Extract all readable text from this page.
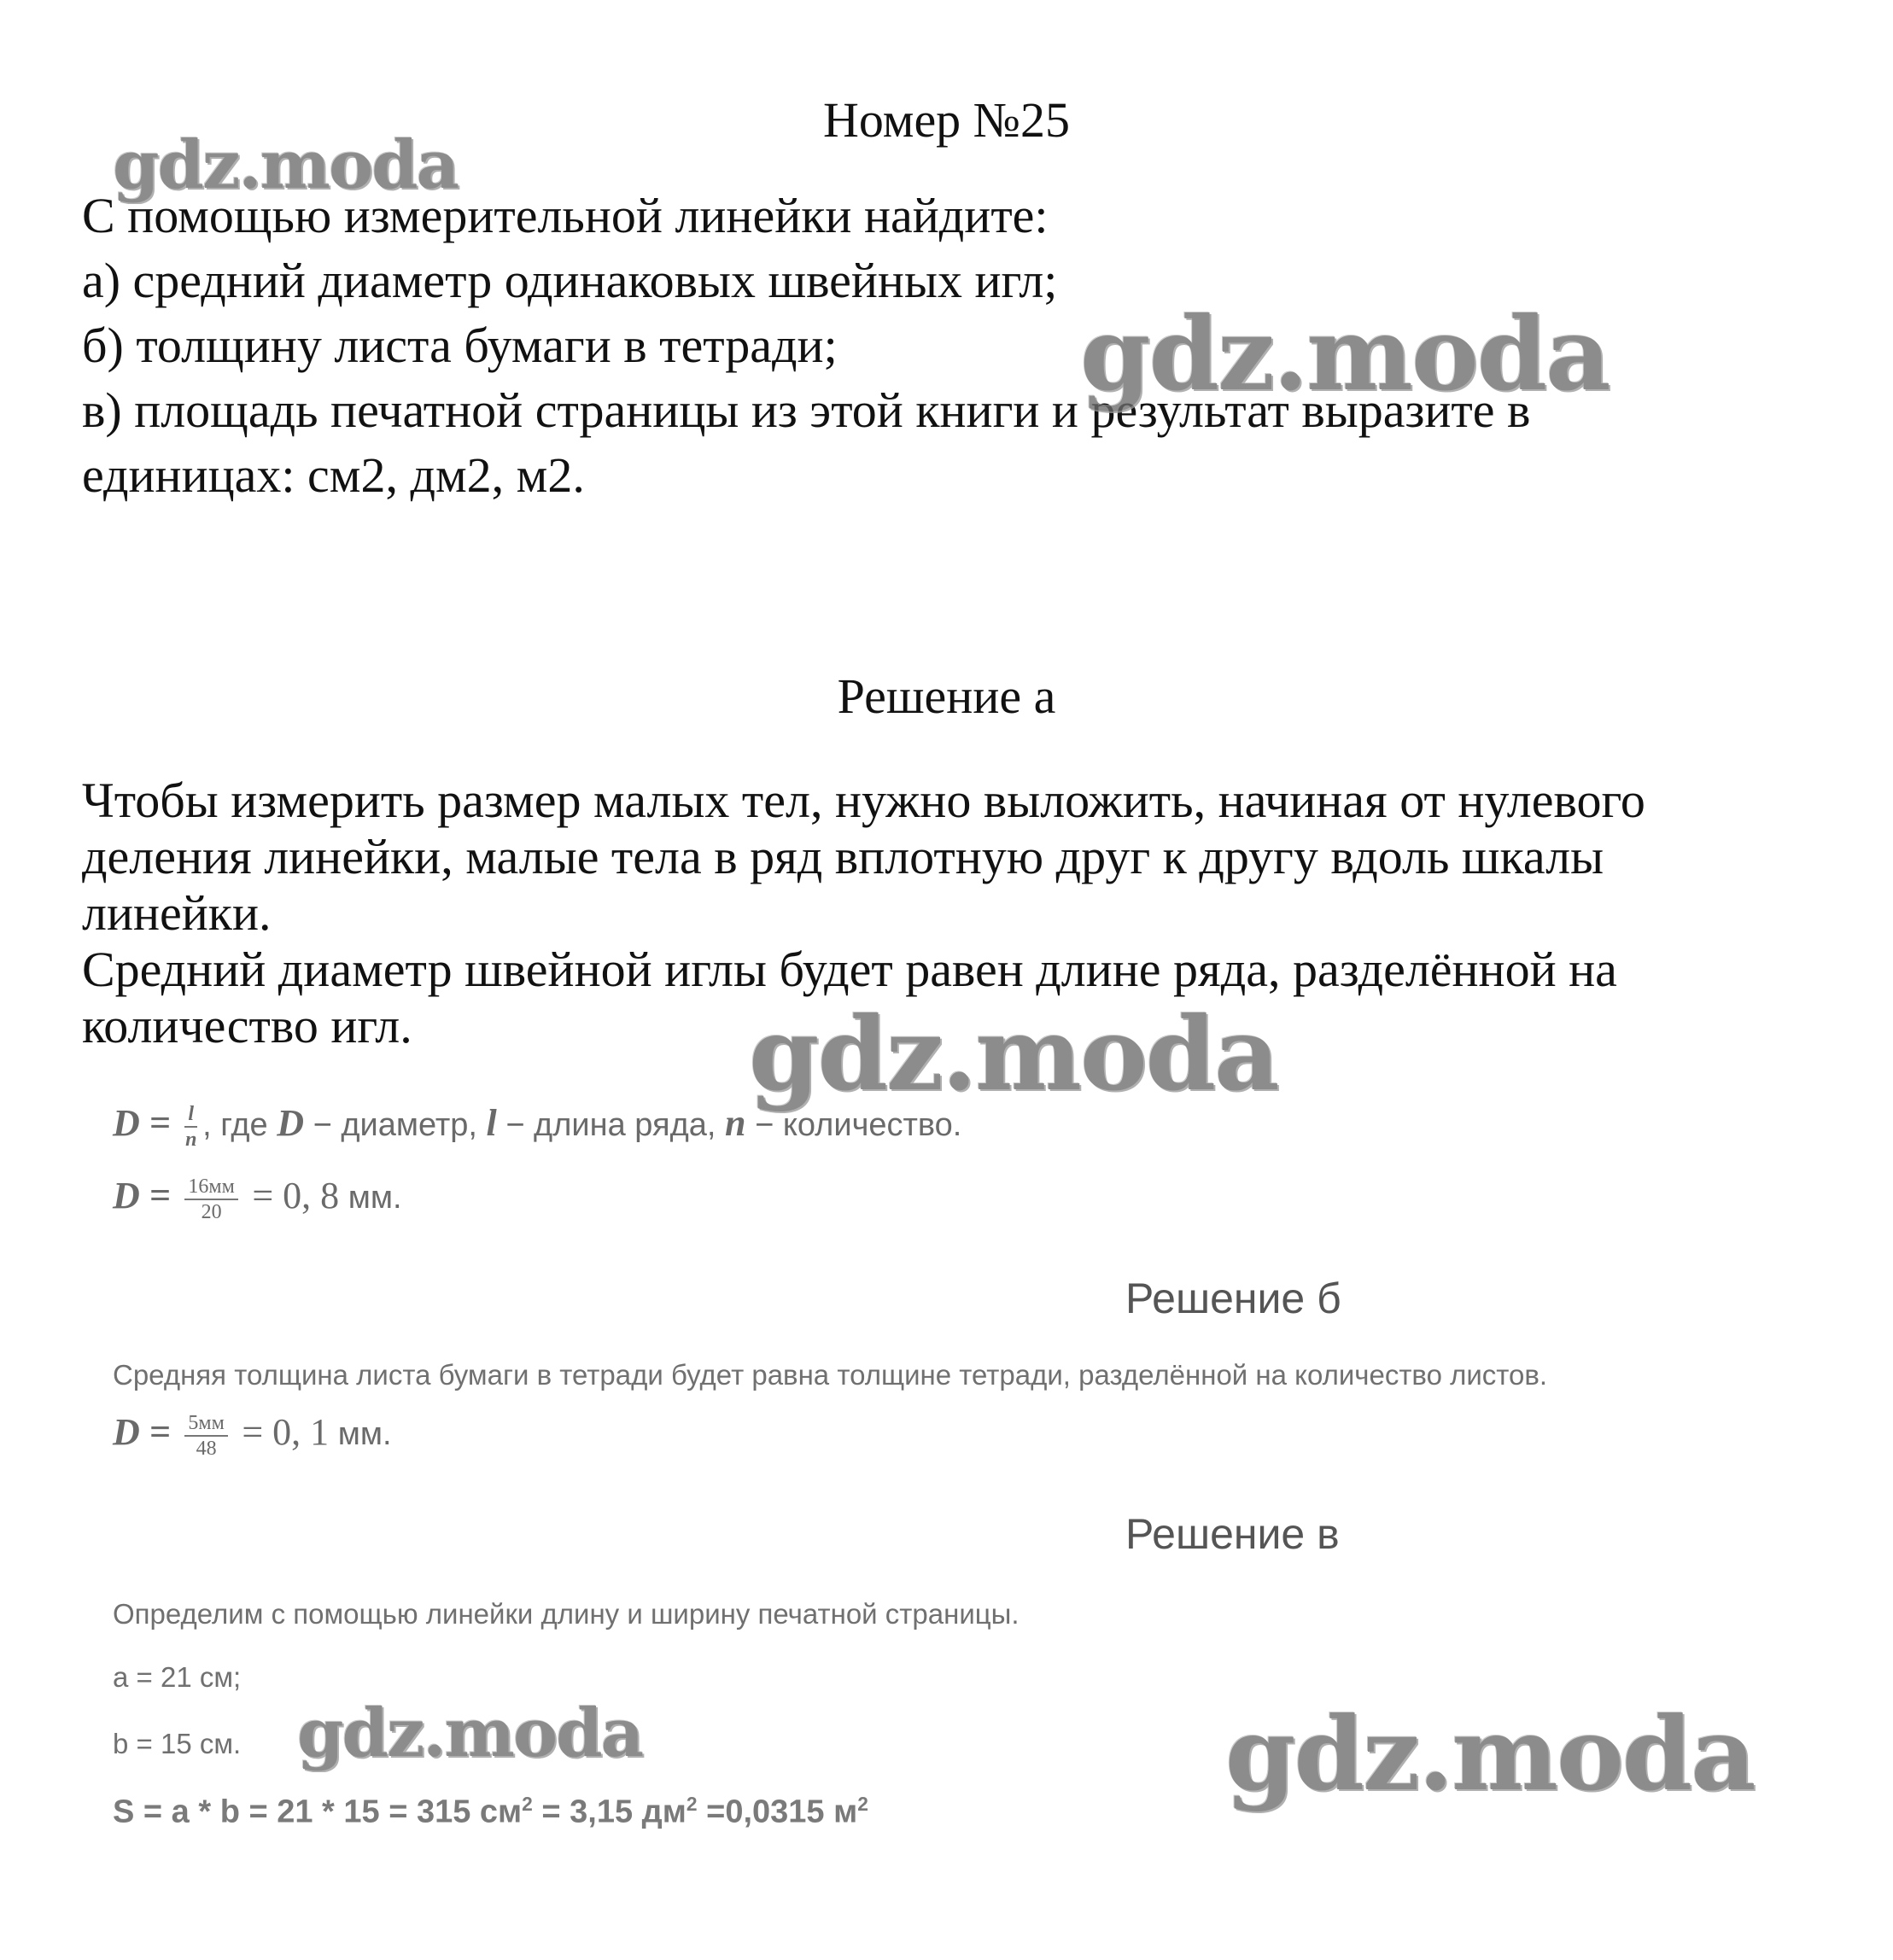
Номер №25
С помощью измерительной линейки найдите:
а) средний диаметр одинаковых швейных игл;
б) толщину листа бумаги в тетради;
в) площадь печатной страницы из этой книги и результат выразите в
единицах: см2, дм2, м2.
Решение а
Чтобы измерить размер малых тел, нужно выложить, начиная от нулевого деления линейки, малые тела в ряд вплотную друг к другу вдоль шкалы линейки.
Средний диаметр швейной иглы будет равен длине ряда, разделённой на количество игл.
$D = \frac{l}{n}$ , где D − диаметр, l − длина ряда, n − количество.
$D = \frac{16мм}{20} = 0$, 8 мм.
Решение б
Средняя толщина листа бумаги в тетради будет равна толщине тетради, разделённой на количество листов.
$D = \frac{5мм}{48} = 0$, 1 мм.
Решение в
Определим с помощью линейки длину и ширину печатной страницы.
a = 21 см;
b = 15 см.
S = a * b = 21 * 15 = 315 $см^2 = 3,15$ $дм^2 =0,0315$ $м^2$
gdz.moda
gdz.moda
gdz.moda
gdz.moda	gdz.moda
